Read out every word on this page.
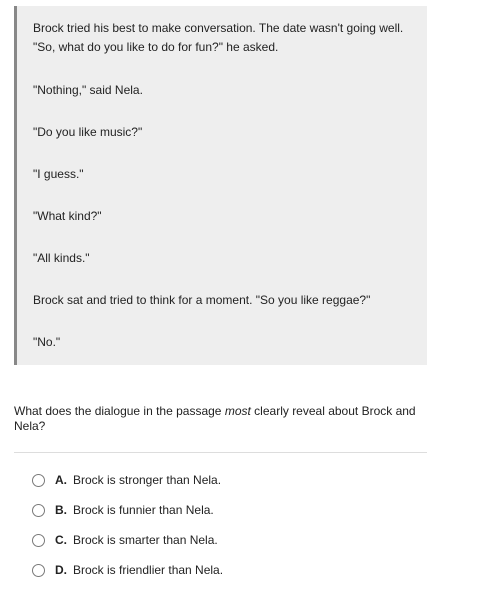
Brock tried his best to make conversation. The date wasn't going well.

"So, what do you like to do for fun?" he asked.

"Nothing," said Nela.

"Do you like music?"

"I guess."

"What kind?"

"All kinds."

Brock sat and tried to think for a moment. "So you like reggae?"

"No."

What does the dialogue in the passage most clearly reveal about Brock and Nela?

A. Brock is stronger than Nela.
B. Brock is funnier than Nela.
C. Brock is smarter than Nela.
D. Brock is friendlier than Nela.
